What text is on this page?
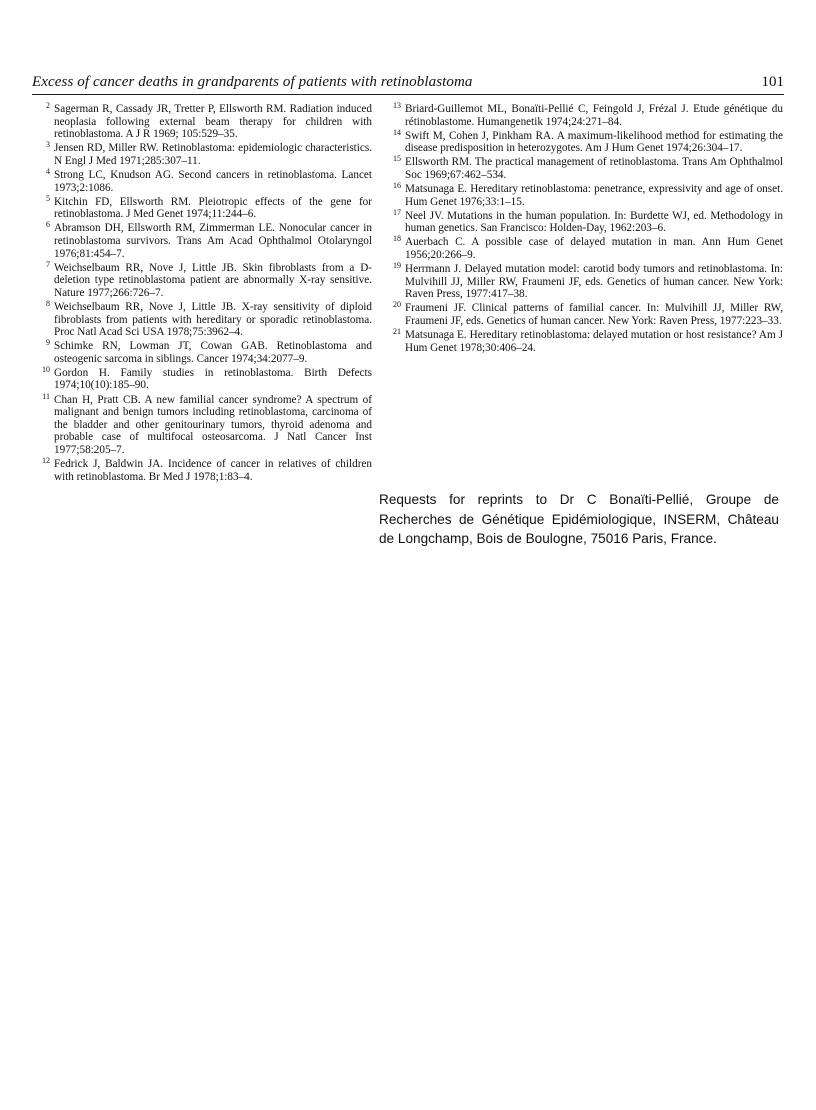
Excess of cancer deaths in grandparents of patients with retinoblastoma	101
2 Sagerman R, Cassady JR, Tretter P, Ellsworth RM. Radiation induced neoplasia following external beam therapy for children with retinoblastoma. A J R 1969; 105:529–35.
3 Jensen RD, Miller RW. Retinoblastoma: epidemiologic characteristics. N Engl J Med 1971;285:307–11.
4 Strong LC, Knudson AG. Second cancers in retinoblastoma. Lancet 1973;2:1086.
5 Kitchin FD, Ellsworth RM. Pleiotropic effects of the gene for retinoblastoma. J Med Genet 1974;11:244–6.
6 Abramson DH, Ellsworth RM, Zimmerman LE. Nonocular cancer in retinoblastoma survivors. Trans Am Acad Ophthalmol Otolaryngol 1976;81:454–7.
7 Weichselbaum RR, Nove J, Little JB. Skin fibroblasts from a D-deletion type retinoblastoma patient are abnormally X-ray sensitive. Nature 1977;266:726–7.
8 Weichselbaum RR, Nove J, Little JB. X-ray sensitivity of diploid fibroblasts from patients with hereditary or sporadic retinoblastoma. Proc Natl Acad Sci USA 1978;75:3962–4.
9 Schimke RN, Lowman JT, Cowan GAB. Retinoblastoma and osteogenic sarcoma in siblings. Cancer 1974;34:2077–9.
10 Gordon H. Family studies in retinoblastoma. Birth Defects 1974;10(10):185–90.
11 Chan H, Pratt CB. A new familial cancer syndrome? A spectrum of malignant and benign tumors including retinoblastoma, carcinoma of the bladder and other genitourinary tumors, thyroid adenoma and probable case of multifocal osteosarcoma. J Natl Cancer Inst 1977;58:205–7.
12 Fedrick J, Baldwin JA. Incidence of cancer in relatives of children with retinoblastoma. Br Med J 1978;1:83–4.
13 Briard-Guillemot ML, Bonaïti-Pellié C, Feingold J, Frézal J. Etude génétique du rétinoblastome. Humangenetik 1974;24:271–84.
14 Swift M, Cohen J, Pinkham RA. A maximum-likelihood method for estimating the disease predisposition in heterozygotes. Am J Hum Genet 1974;26:304–17.
15 Ellsworth RM. The practical management of retinoblastoma. Trans Am Ophthalmol Soc 1969;67:462–534.
16 Matsunaga E. Hereditary retinoblastoma: penetrance, expressivity and age of onset. Hum Genet 1976;33:1–15.
17 Neel JV. Mutations in the human population. In: Burdette WJ, ed. Methodology in human genetics. San Francisco: Holden-Day, 1962:203–6.
18 Auerbach C. A possible case of delayed mutation in man. Ann Hum Genet 1956;20:266–9.
19 Herrmann J. Delayed mutation model: carotid body tumors and retinoblastoma. In: Mulvihill JJ, Miller RW, Fraumeni JF, eds. Genetics of human cancer. New York: Raven Press, 1977:417–38.
20 Fraumeni JF. Clinical patterns of familial cancer. In: Mulvihill JJ, Miller RW, Fraumeni JF, eds. Genetics of human cancer. New York: Raven Press, 1977:223–33.
21 Matsunaga E. Hereditary retinoblastoma: delayed mutation or host resistance? Am J Hum Genet 1978;30:406–24.
Requests for reprints to Dr C Bonaïti-Pellié, Groupe de Recherches de Génétique Epidémiologique, INSERM, Château de Longchamp, Bois de Boulogne, 75016 Paris, France.
